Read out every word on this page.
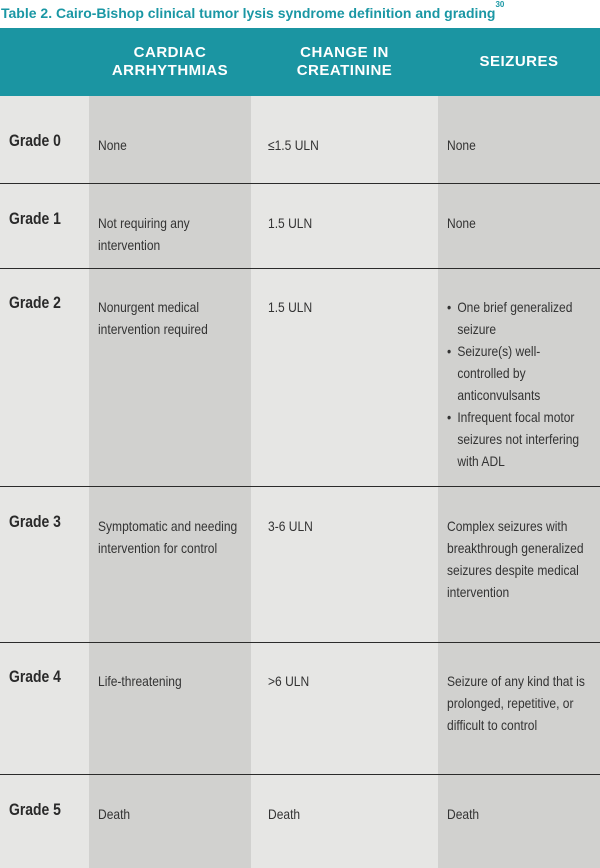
Table 2. Cairo-Bishop clinical tumor lysis syndrome definition and grading$^{30}$
CARDIAC ARRHYTHMIAS
CHANGE IN CREATININE
SEIZURES
Grade 0	None	≤1.5 ULN	None
Grade 1	Not requiring any intervention
1.5 ULN	None
Grade 2	Nonurgent medical intervention required
1.5 ULN
•	One brief generalized seizure
• Seizure(s) well-controlled by anticonvulsants
• Infrequent focal motor seizures not interfering with ADL
Grade 3	Symptomatic and needing intervention for control
3-6 ULN	Complex seizures with breakthrough generalized seizures despite medical intervention
Grade 4	Life-threatening	>6 ULN	Seizure of any kind that is prolonged, repetitive, or difficult to control
Grade 5	Death	Death	Death
